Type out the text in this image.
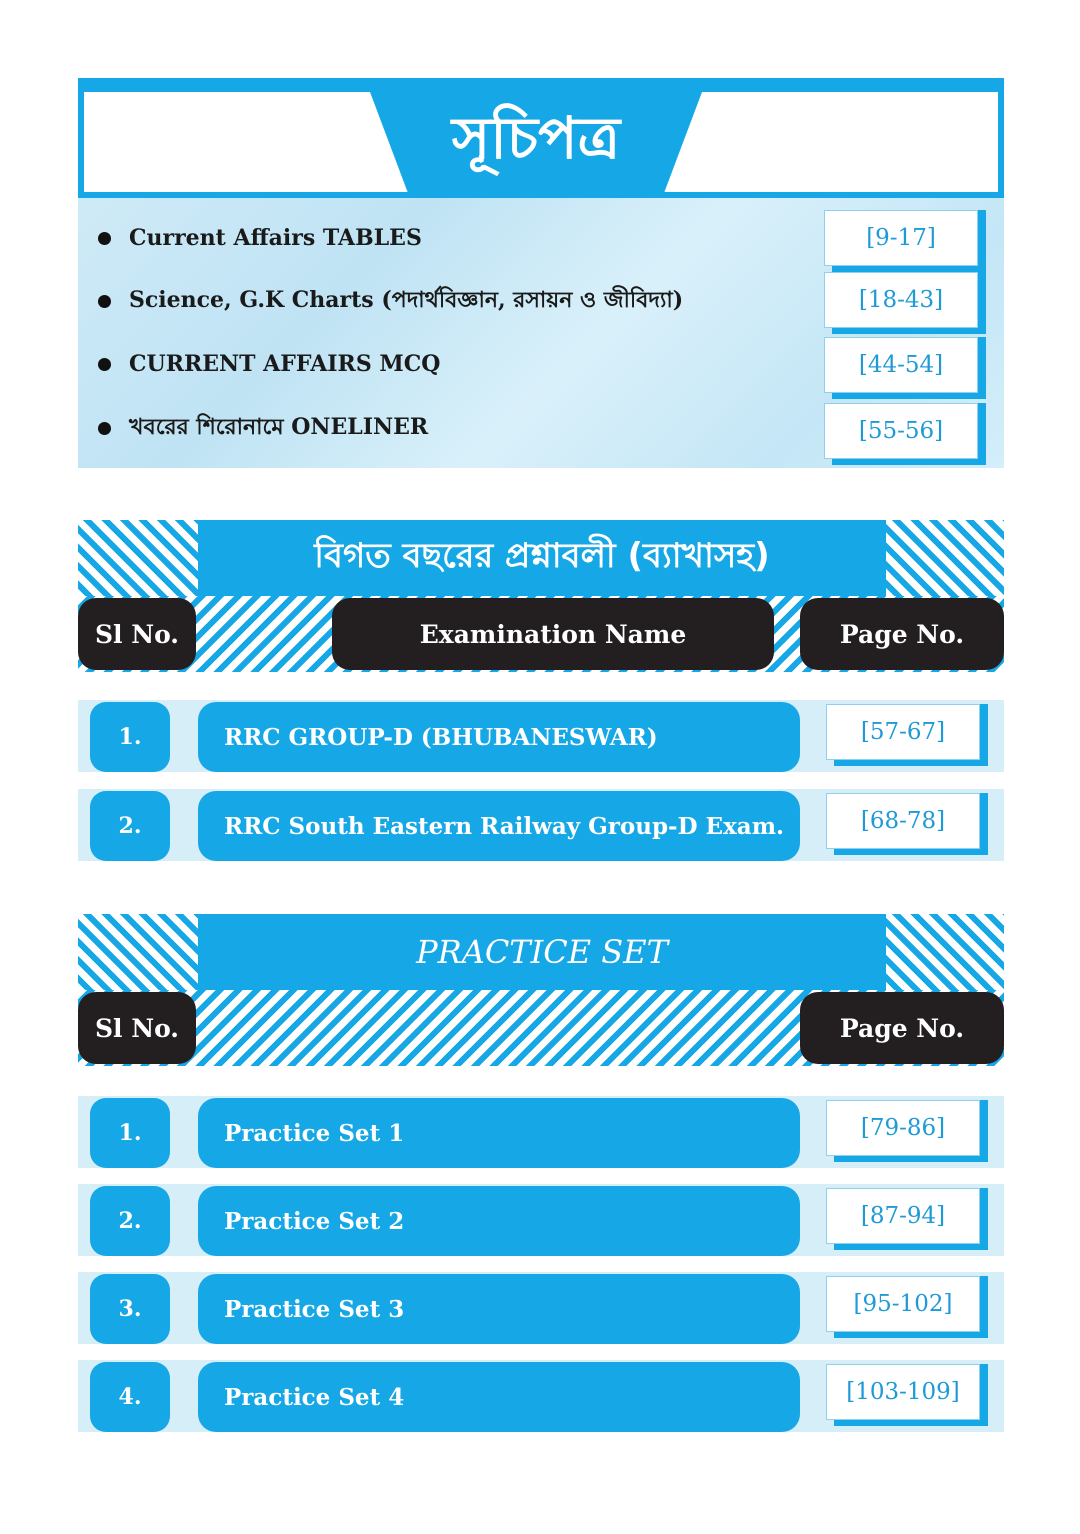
সূচিপত্র
Current Affairs TABLES	[9-17]
Science, G.K Charts (পদার্থবিজ্ঞান, রসায়ন ও জীবিদ্যা)	[18-43]
CURRENT AFFAIRS MCQ	[44-54]
খবরের শিরোনামে ONELINER	[55-56]
বিগত বছরের প্রশ্নাবলী (ব্যাখাসহ)
Sl No.	Examination Name	Page No.
1.	RRC GROUP-D (BHUBANESWAR)	[57-67]
2.	RRC South Eastern Railway Group-D Exam.	[68-78]
PRACTICE SET
Sl No.	Page No.
1.	Practice Set 1	[79-86]
2.	Practice Set 2	[87-94]
3.	Practice Set 3	[95-102]
4.	Practice Set 4	[103-109]
